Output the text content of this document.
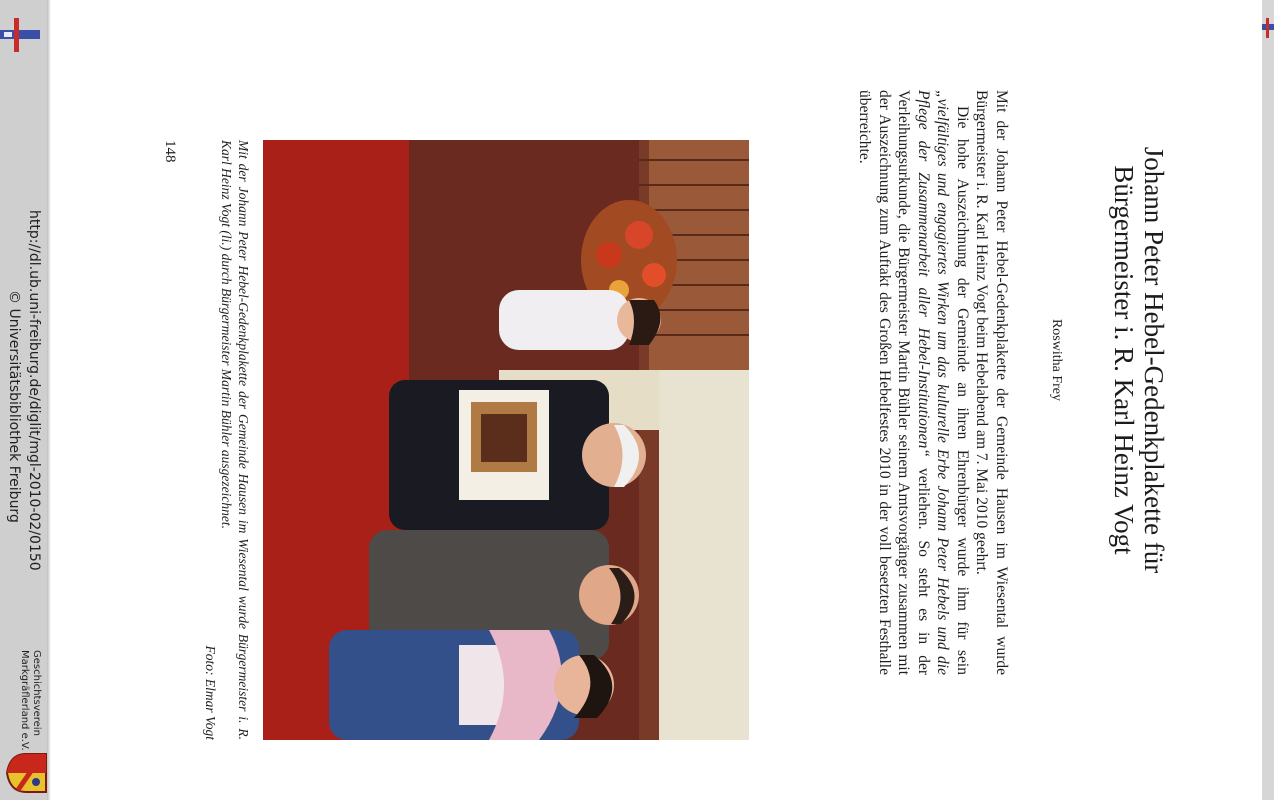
Johann Peter Hebel-Gedenkplakette für
Bürgermeister i. R. Karl Heinz Vogt
Roswitha Frey

Mit der Johann Peter Hebel-Gedenkplakette der Gemeinde Hausen im Wiesental wurde Bürgermeister i. R. Karl Heinz Vogt beim Hebelabend am 7. Mai 2010 geehrt.

Die hohe Auszeichnung der Gemeinde an ihren Ehrenbürger wurde ihm für sein „vielfältiges und engagiertes Wirken um das kulturelle Erbe Johann Peter Hebels und die Pflege der Zusammenarbeit aller Hebel-Institutionen“ verliehen. So steht es in der Verleihungsurkunde, die Bürgermeister Martin Bühler seinem Amtsvorgänger zusammen mit der Auszeichnung zum Auftakt des Großen Hebelfestes 2010 in der voll besetzten Festhalle überreichte.

Mit der Johann Peter Hebel-Gedenkplakette der Gemeinde Hausen im Wiesental wurde Bürgermeister i. R. Karl Heinz Vogt (li.) durch Bürgermeister Martin Bühler ausgezeichnet.
Foto: Elmar Vogt
148
http://dl.ub.uni-freiburg.de/diglit/mgl-2010-02/0150
© Universitätsbibliothek Freiburg
Geschichtsverein
Markgräflerland e.V.
